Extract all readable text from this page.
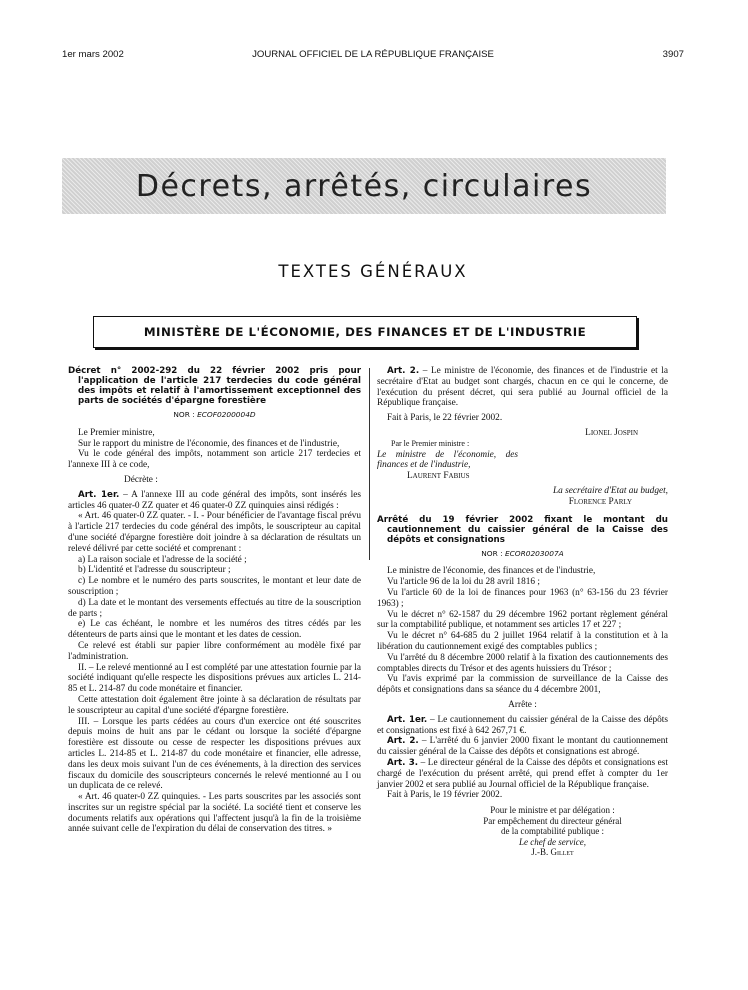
1er mars 2002	JOURNAL OFFICIEL DE LA RÉPUBLIQUE FRANÇAISE	3907
Décrets, arrêtés, circulaires
TEXTES GÉNÉRAUX
MINISTÈRE DE L'ÉCONOMIE, DES FINANCES ET DE L'INDUSTRIE
Décret n° 2002-292 du 22 février 2002 pris pour l'application de l'article 217 terdecies du code général des impôts et relatif à l'amortissement exceptionnel des parts de sociétés d'épargne forestière
NOR : ECOF0200004D

Le Premier ministre,

Sur le rapport du ministre de l'économie, des finances et de l'industrie,

Vu le code général des impôts, notamment son article 217 terdecies et l'annexe III à ce code,

Décrète :

Art. 1er. – A l'annexe III au code général des impôts, sont insérés les articles 46 quater-0 ZZ quater et 46 quater-0 ZZ quinquies ainsi rédigés :

« Art. 46 quater-0 ZZ quater. - I. - Pour bénéficier de l'avantage fiscal prévu à l'article 217 terdecies du code général des impôts, le souscripteur au capital d'une société d'épargne forestière doit joindre à sa déclaration de résultats un relevé délivré par cette société et comprenant :

a) La raison sociale et l'adresse de la société ;

b) L'identité et l'adresse du souscripteur ;

c) Le nombre et le numéro des parts souscrites, le montant et leur date de souscription ;

d) La date et le montant des versements effectués au titre de la souscription de parts ;

e) Le cas échéant, le nombre et les numéros des titres cédés par les détenteurs de parts ainsi que le montant et les dates de cession.

Ce relevé est établi sur papier libre conformément au modèle fixé par l'administration.

II. – Le relevé mentionné au I est complété par une attestation fournie par la société indiquant qu'elle respecte les dispositions prévues aux articles L. 214-85 et L. 214-87 du code monétaire et financier.

Cette attestation doit également être jointe à sa déclaration de résultats par le souscripteur au capital d'une société d'épargne forestière.

III. – Lorsque les parts cédées au cours d'un exercice ont été souscrites depuis moins de huit ans par le cédant ou lorsque la société d'épargne forestière est dissoute ou cesse de respecter les dispositions prévues aux articles L. 214-85 et L. 214-87 du code monétaire et financier, elle adresse, dans les deux mois suivant l'un de ces événements, à la direction des services fiscaux du domicile des souscripteurs concernés le relevé mentionné au I ou un duplicata de ce relevé.

« Art. 46 quater-0 ZZ quinquies. - Les parts souscrites par les associés sont inscrites sur un registre spécial par la société. La société tient et conserve les documents relatifs aux opérations qui l'affectent jusqu'à la fin de la troisième année suivant celle de l'expiration du délai de conservation des titres. »

Art. 2. – Le ministre de l'économie, des finances et de l'industrie et la secrétaire d'Etat au budget sont chargés, chacun en ce qui le concerne, de l'exécution du présent décret, qui sera publié au Journal officiel de la République française.

Fait à Paris, le 22 février 2002.

Lionel Jospin

Par le Premier ministre :

Le ministre de l'économie, des finances et de l'industrie,

Laurent Fabius

La secrétaire d'Etat au budget,

Florence Parly

Arrêté du 19 février 2002 fixant le montant du cautionnement du caissier général de la Caisse des dépôts et consignations
NOR : ECOR0203007A

Le ministre de l'économie, des finances et de l'industrie,

Vu l'article 96 de la loi du 28 avril 1816 ;

Vu l'article 60 de la loi de finances pour 1963 (n° 63-156 du 23 février 1963) ;

Vu le décret n° 62-1587 du 29 décembre 1962 portant règlement général sur la comptabilité publique, et notamment ses articles 17 et 227 ;

Vu le décret n° 64-685 du 2 juillet 1964 relatif à la constitution et à la libération du cautionnement exigé des comptables publics ;

Vu l'arrêté du 8 décembre 2000 relatif à la fixation des cautionnements des comptables directs du Trésor et des agents huissiers du Trésor ;

Vu l'avis exprimé par la commission de surveillance de la Caisse des dépôts et consignations dans sa séance du 4 décembre 2001,

Arrête :

Art. 1er. – Le cautionnement du caissier général de la Caisse des dépôts et consignations est fixé à 642 267,71 €.

Art. 2. – L'arrêté du 6 janvier 2000 fixant le montant du cautionnement du caissier général de la Caisse des dépôts et consignations est abrogé.

Art. 3. – Le directeur général de la Caisse des dépôts et consignations est chargé de l'exécution du présent arrêté, qui prend effet à compter du 1er janvier 2002 et sera publié au Journal officiel de la République française.

Fait à Paris, le 19 février 2002.

Pour le ministre et par délégation :

Par empêchement du directeur général

de la comptabilité publique :

Le chef de service,

J.-B. Gillet
